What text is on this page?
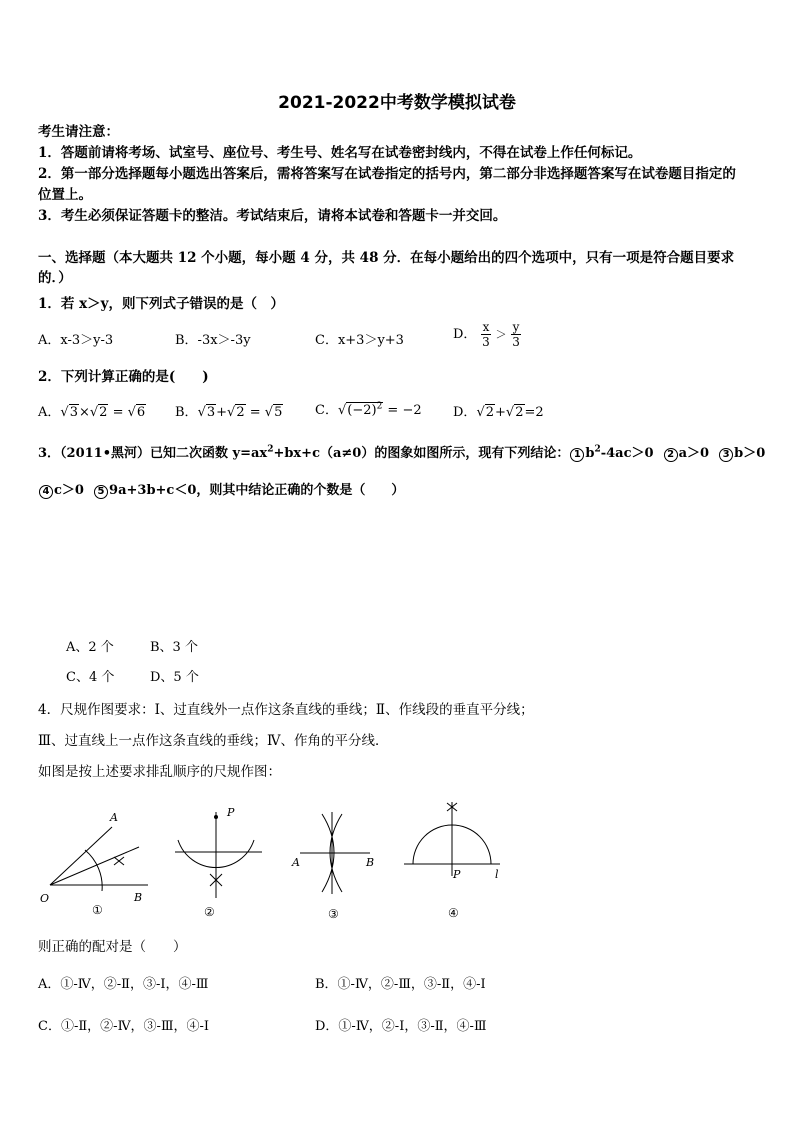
2021-2022中考数学模拟试卷
考生请注意：
1．答题前请将考场、试室号、座位号、考生号、姓名写在试卷密封线内，不得在试卷上作任何标记。
2．第一部分选择题每小题选出答案后，需将答案写在试卷指定的括号内，第二部分非选择题答案写在试卷题目指定的
位置上。
3．考生必须保证答题卡的整洁。考试结束后，请将本试卷和答题卡一并交回。
一、选择题（本大题共 12 个小题，每小题 4 分，共 48 分．在每小题给出的四个选项中，只有一项是符合题目要求
的．）
1．若 x＞y，则下列式子错误的是（　）
A．x-3＞y-3	B．-3x＞-3y	C．x+3＞y+3	D． $\frac{x}{3} > \frac{y}{3}$
2．下列计算正确的是(　　)
A．√3×√2 = √6 B．√3+√2 = √5	C．$√(-2)^2 = -2$ D．√2+√2=2
3．（2011•黑河）已知二次函数 $y=ax^2+bx+c(a\ne 0)$的图象如图所示，现有下列结论： 1 $b^2-4ac>0$ 2 a＞0 3 b＞0
4 c＞0 5 9a+3b+c＜0，则其中结论正确的个数是（　　）
A、2 个	B、3 个
C、4 个	D、5 个
4．尺规作图要求：Ⅰ、过直线外一点作这条直线的垂线；Ⅱ、作线段的垂直平分线；
Ⅲ、过直线上一点作这条直线的垂线；Ⅳ、作角的平分线．
如图是按上述要求排乱顺序的尺规作图：
A
O	B
①
P
②
A	B
③
P	l
④
则正确的配对是（　　）
A．①-Ⅳ，②-Ⅱ，③-Ⅰ，④-Ⅲ	B．①-Ⅳ，②-Ⅲ，③-Ⅱ，④-Ⅰ
C．①-Ⅱ，②-Ⅳ，③-Ⅲ，④-Ⅰ	D．①-Ⅳ，②-Ⅰ，③-Ⅱ，④-Ⅲ
